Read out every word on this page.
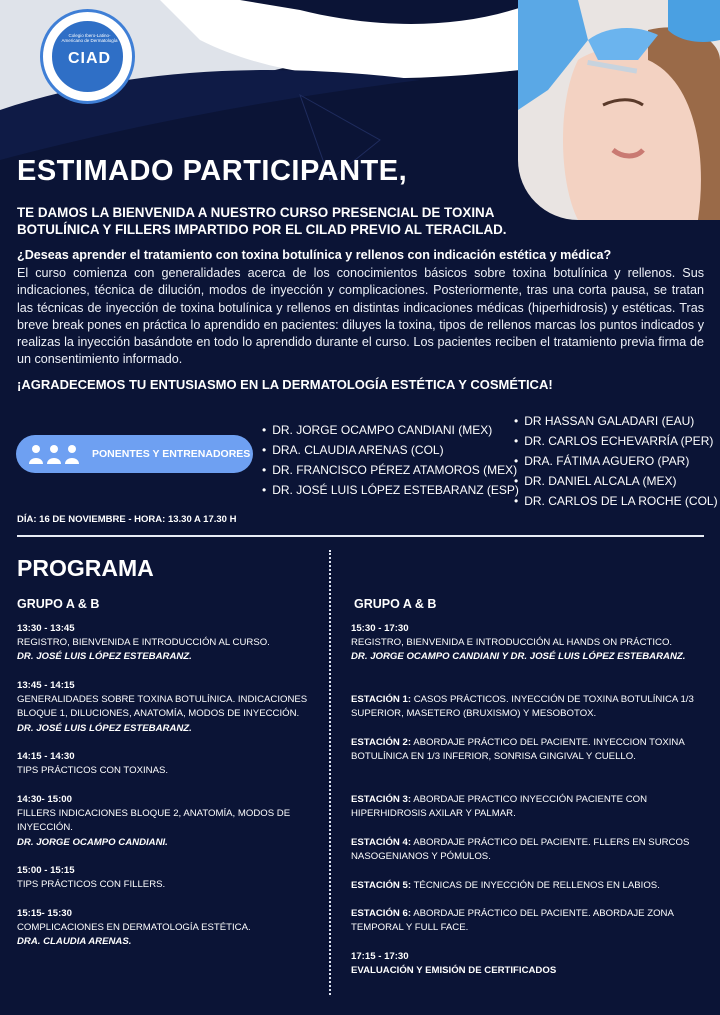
Colegio Ibero-Latino-Americano de Dermatología
CIAD
ESTIMADO PARTICIPANTE,
TE DAMOS LA BIENVENIDA A NUESTRO CURSO PRESENCIAL DE TOXINA BOTULÍNICA Y FILLERS IMPARTIDO POR EL CILAD PREVIO AL TERACILAD.
¿Deseas aprender el tratamiento con toxina botulínica y rellenos con indicación estética y médica?
El curso comienza con generalidades acerca de los conocimientos básicos sobre toxina botulínica y rellenos. Sus indicaciones, técnica de dilución, modos de inyección y complicaciones. Posteriormente, tras una corta pausa, se tratan las técnicas de inyección de toxina botulínica y rellenos en distintas indicaciones médicas (hiperhidrosis) y estéticas. Tras breve break pones en práctica lo aprendido en pacientes: diluyes la toxina, tipos de rellenos marcas los puntos indicados y realizas la inyección basándote en todo lo aprendido durante el curso. Los pacientes reciben el tratamiento previa firma de un consentimiento informado.
¡AGRADECEMOS TU ENTUSIASMO EN LA DERMATOLOGÍA ESTÉTICA Y COSMÉTICA!
PONENTES Y ENTRENADORES
• DR. JORGE OCAMPO CANDIANI (MEX)
• DRA. CLAUDIA ARENAS (COL)
• DR. FRANCISCO PÉREZ ATAMOROS (MEX)
• DR. JOSÉ LUIS LÓPEZ ESTEBARANZ (ESP)
• DR HASSAN GALADARI (EAU)
• DR. CARLOS ECHEVARRÍA (PER)
• DRA. FÁTIMA AGUERO (PAR)
• DR. DANIEL ALCALA (MEX)
• DR. CARLOS DE LA ROCHE (COL)
DÍA: 16 DE NOVIEMBRE - HORA: 13.30 A 17.30 H
PROGRAMA
GRUPO A & B
13:30 - 13:45
REGISTRO, BIENVENIDA E INTRODUCCIÓN AL CURSO.
DR. JOSÉ LUIS LÓPEZ ESTEBARANZ.
13:45 - 14:15
GENERALIDADES SOBRE TOXINA BOTULÍNICA. INDICACIONES BLOQUE 1, DILUCIONES, ANATOMÍA, MODOS DE INYECCIÓN.
DR. JOSÉ LUIS LÓPEZ ESTEBARANZ.
14:15 - 14:30
TIPS PRÁCTICOS CON TOXINAS.
14:30- 15:00
FILLERS INDICACIONES BLOQUE 2, ANATOMÍA, MODOS DE INYECCIÓN.
DR. JORGE OCAMPO CANDIANI.
15:00 - 15:15
TIPS PRÁCTICOS CON FILLERS.
15:15- 15:30
COMPLICACIONES EN DERMATOLOGÍA ESTÉTICA.
DRA. CLAUDIA ARENAS.
GRUPO A & B
15:30 - 17:30
REGISTRO, BIENVENIDA E INTRODUCCIÓN AL HANDS ON PRÁCTICO.
DR. JORGE OCAMPO CANDIANI Y DR. JOSÉ LUIS LÓPEZ ESTEBARANZ.
ESTACIÓN 1: CASOS PRÁCTICOS. INYECCIÓN DE TOXINA BOTULÍNICA 1/3 SUPERIOR, MASETERO (BRUXISMO) Y MESOBOTOX.
ESTACIÓN 2: ABORDAJE PRÁCTICO DEL PACIENTE. INYECCION TOXINA BOTULÍNICA EN 1/3 INFERIOR, SONRISA GINGIVAL Y CUELLO.
ESTACIÓN 3: ABORDAJE PRACTICO INYECCIÓN PACIENTE CON HIPERHIDROSIS AXILAR Y PALMAR.
ESTACIÓN 4: ABORDAJE PRÁCTICO DEL PACIENTE. FLLERS EN SURCOS NASOGENIANOS Y PÓMULOS.
ESTACIÓN 5: TÉCNICAS DE INYECCIÓN DE RELLENOS EN LABIOS.
ESTACIÓN 6: ABORDAJE PRÁCTICO DEL PACIENTE. ABORDAJE ZONA TEMPORAL Y FULL FACE.
17:15 - 17:30
EVALUACIÓN Y EMISIÓN DE CERTIFICADOS
